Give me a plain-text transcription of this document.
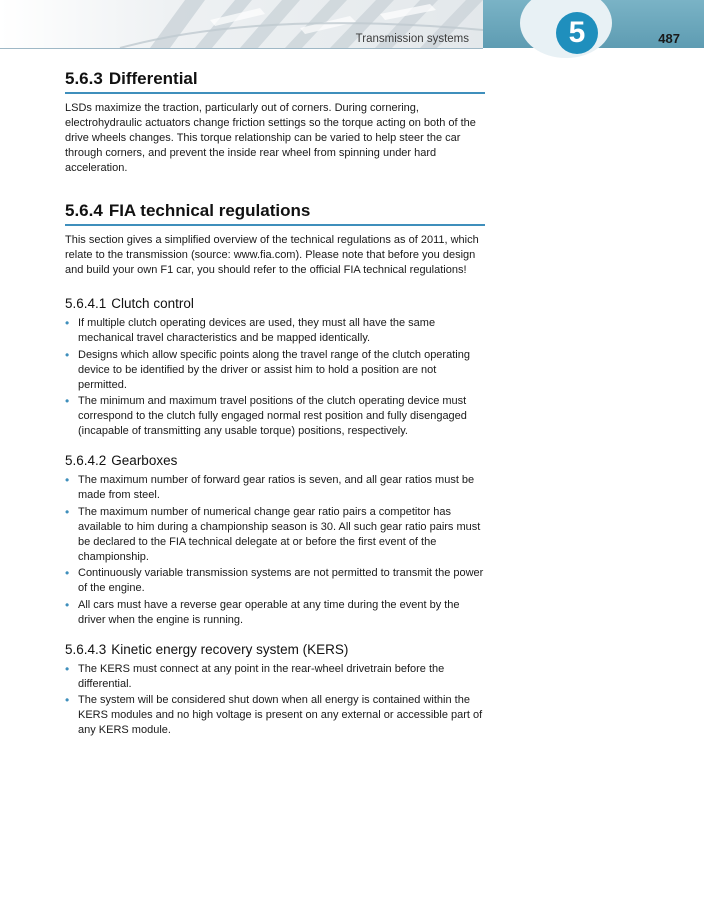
Transmission systems	5	487
5.6.3 Differential

LSDs maximize the traction, particularly out of corners. During cornering, electrohydraulic actuators change friction settings so the torque acting on both of the drive wheels changes. This torque relationship can be varied to help steer the car through corners, and prevent the inside rear wheel from spinning under hard acceleration.

5.6.4 FIA technical regulations

This section gives a simplified overview of the technical regulations as of 2011, which relate to the transmission (source: www.fia.com). Please note that before you design and build your own F1 car, you should refer to the official FIA technical regulations!

5.6.4.1 Clutch control
• If multiple clutch operating devices are used, they must all have the same mechanical travel characteristics and be mapped identically.
• Designs which allow specific points along the travel range of the clutch operating device to be identified by the driver or assist him to hold a position are not permitted.
• The minimum and maximum travel positions of the clutch operating device must correspond to the clutch fully engaged normal rest position and fully disengaged (incapable of transmitting any usable torque) positions, respectively.
5.6.4.2 Gearboxes
• The maximum number of forward gear ratios is seven, and all gear ratios must be made from steel.
• The maximum number of numerical change gear ratio pairs a competitor has available to him during a championship season is 30. All such gear ratio pairs must be declared to the FIA technical delegate at or before the first event of the championship.
• Continuously variable transmission systems are not permitted to transmit the power of the engine.
• All cars must have a reverse gear operable at any time during the event by the driver when the engine is running.
5.6.4.3 Kinetic energy recovery system (KERS)
• The KERS must connect at any point in the rear-wheel drivetrain before the differential.
• The system will be considered shut down when all energy is contained within the KERS modules and no high voltage is present on any external or accessible part of any KERS module.
